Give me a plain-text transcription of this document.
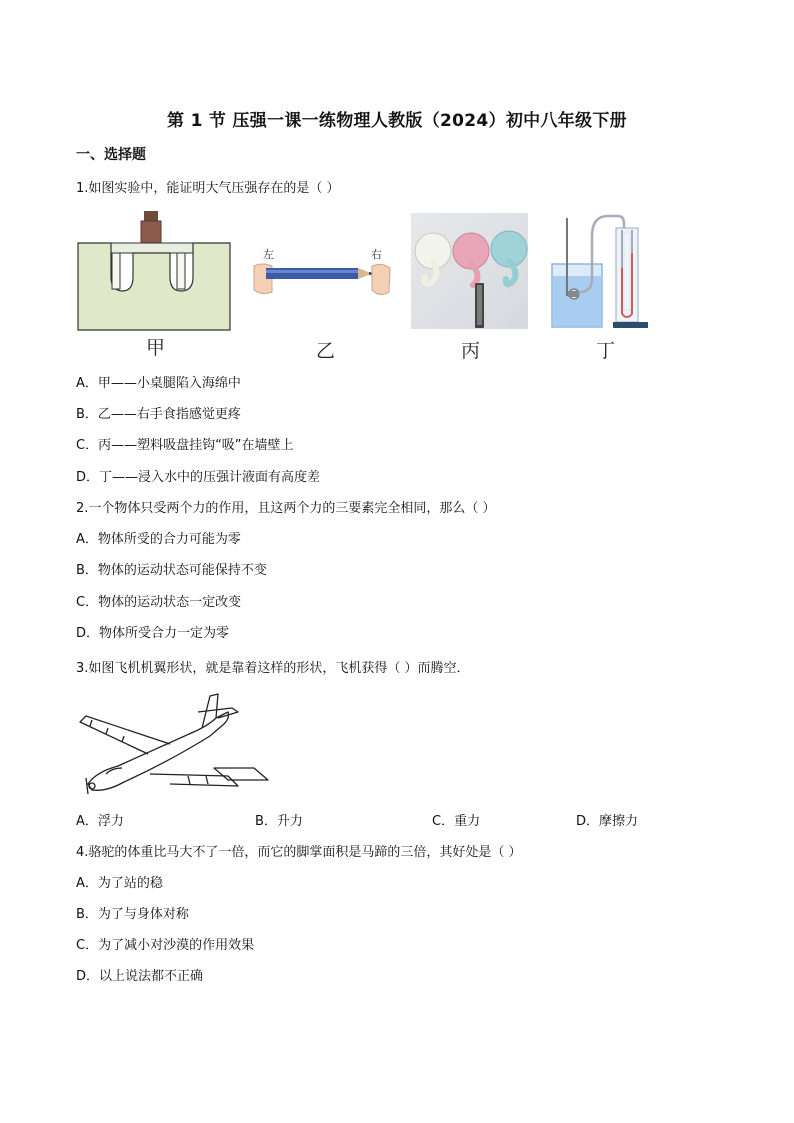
第 1 节 压强一课一练物理人教版（2024）初中八年级下册
一、选择题
1.如图实验中，能证明大气压强存在的是（ ）
甲
左	右
乙	丙	丁
A．甲——小桌腿陷入海绵中
B．乙——右手食指感觉更疼
C．丙——塑料吸盘挂钩“吸”在墙壁上
D．丁——浸入水中的压强计液面有高度差
2.一个物体只受两个力的作用，且这两个力的三要素完全相同，那么（ ）
A．物体所受的合力可能为零
B．物体的运动状态可能保持不变
C．物体的运动状态一定改变
D．物体所受合力一定为零
3.如图飞机机翼形状，就是靠着这样的形状，飞机获得（ ）而腾空．
A．浮力	B．升力	C．重力	D．摩擦力
4.骆驼的体重比马大不了一倍，而它的脚掌面积是马蹄的三倍，其好处是（ ）
A．为了站的稳
B．为了与身体对称
C．为了减小对沙漠的作用效果
D．以上说法都不正确
